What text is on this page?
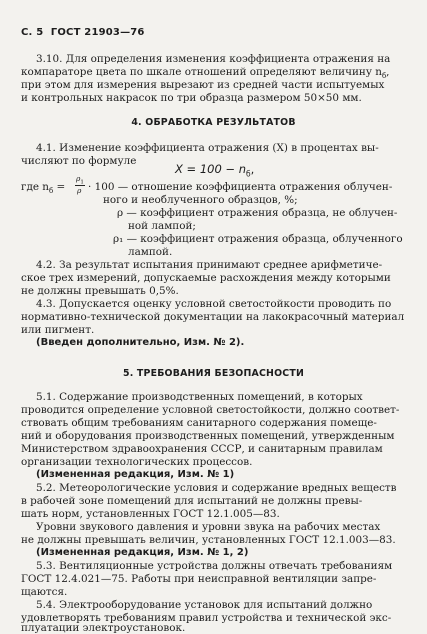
С. 5 ГОСТ 21903—76
3.10. Для определения изменения коэффициента отражения на
компараторе цвета по шкале отношений определяют величину $n_б$,
при этом для измерения вырезают из средней части испытуемых
и контрольных накрасок по три образца размером 50×50 мм.
4. ОБРАБОТКА РЕЗУЛЬТАТОВ
4.1. Изменение коэффициента отражения (X) в процентах вы-
числяют по формуле
$X = 100 - n_б$,
где $n_б$ =
$\rho_1$
ρ · 100 — отношение коэффициента отражения облучен-
ного и необлученного образцов, %;
ρ — коэффициент отражения образца, не облучен-
ной лампой;
ρ₁ — коэффициент отражения образца, облученного
лампой.
4.2. За результат испытания принимают среднее арифметиче-
ское трех измерений, допускаемые расхождения между которыми
не должны превышать 0,5%.
4.3. Допускается оценку условной светостойкости проводить по
нормативно-технической документации на лакокрасочный материал
или пигмент.
(Введен дополнительно, Изм. № 2).
5. ТРЕБОВАНИЯ БЕЗОПАСНОСТИ
5.1. Содержание производственных помещений, в которых
проводится определение условной светостойкости, должно соответ-
ствовать общим требованиям санитарного содержания помеще-
ний и оборудования производственных помещений, утвержденным
Министерством здравоохранения СССР, и санитарным правилам
организации технологических процессов.
(Измененная редакция, Изм. № 1)
5.2. Метеорологические условия и содержание вредных веществ
в рабочей зоне помещений для испытаний не должны превы-
шать норм, установленных ГОСТ 12.1.005—83.
Уровни звукового давления и уровни звука на рабочих местах
не должны превышать величин, установленных ГОСТ 12.1.003—83.
(Измененная редакция, Изм. № 1, 2)
5.3. Вентиляционные устройства должны отвечать требованиям
ГОСТ 12.4.021—75. Работы при неисправной вентиляции запре-
щаются.
5.4. Электрооборудование установок для испытаний должно
удовлетворять требованиям правил устройства и технической экс-
плуатации электроустановок.
